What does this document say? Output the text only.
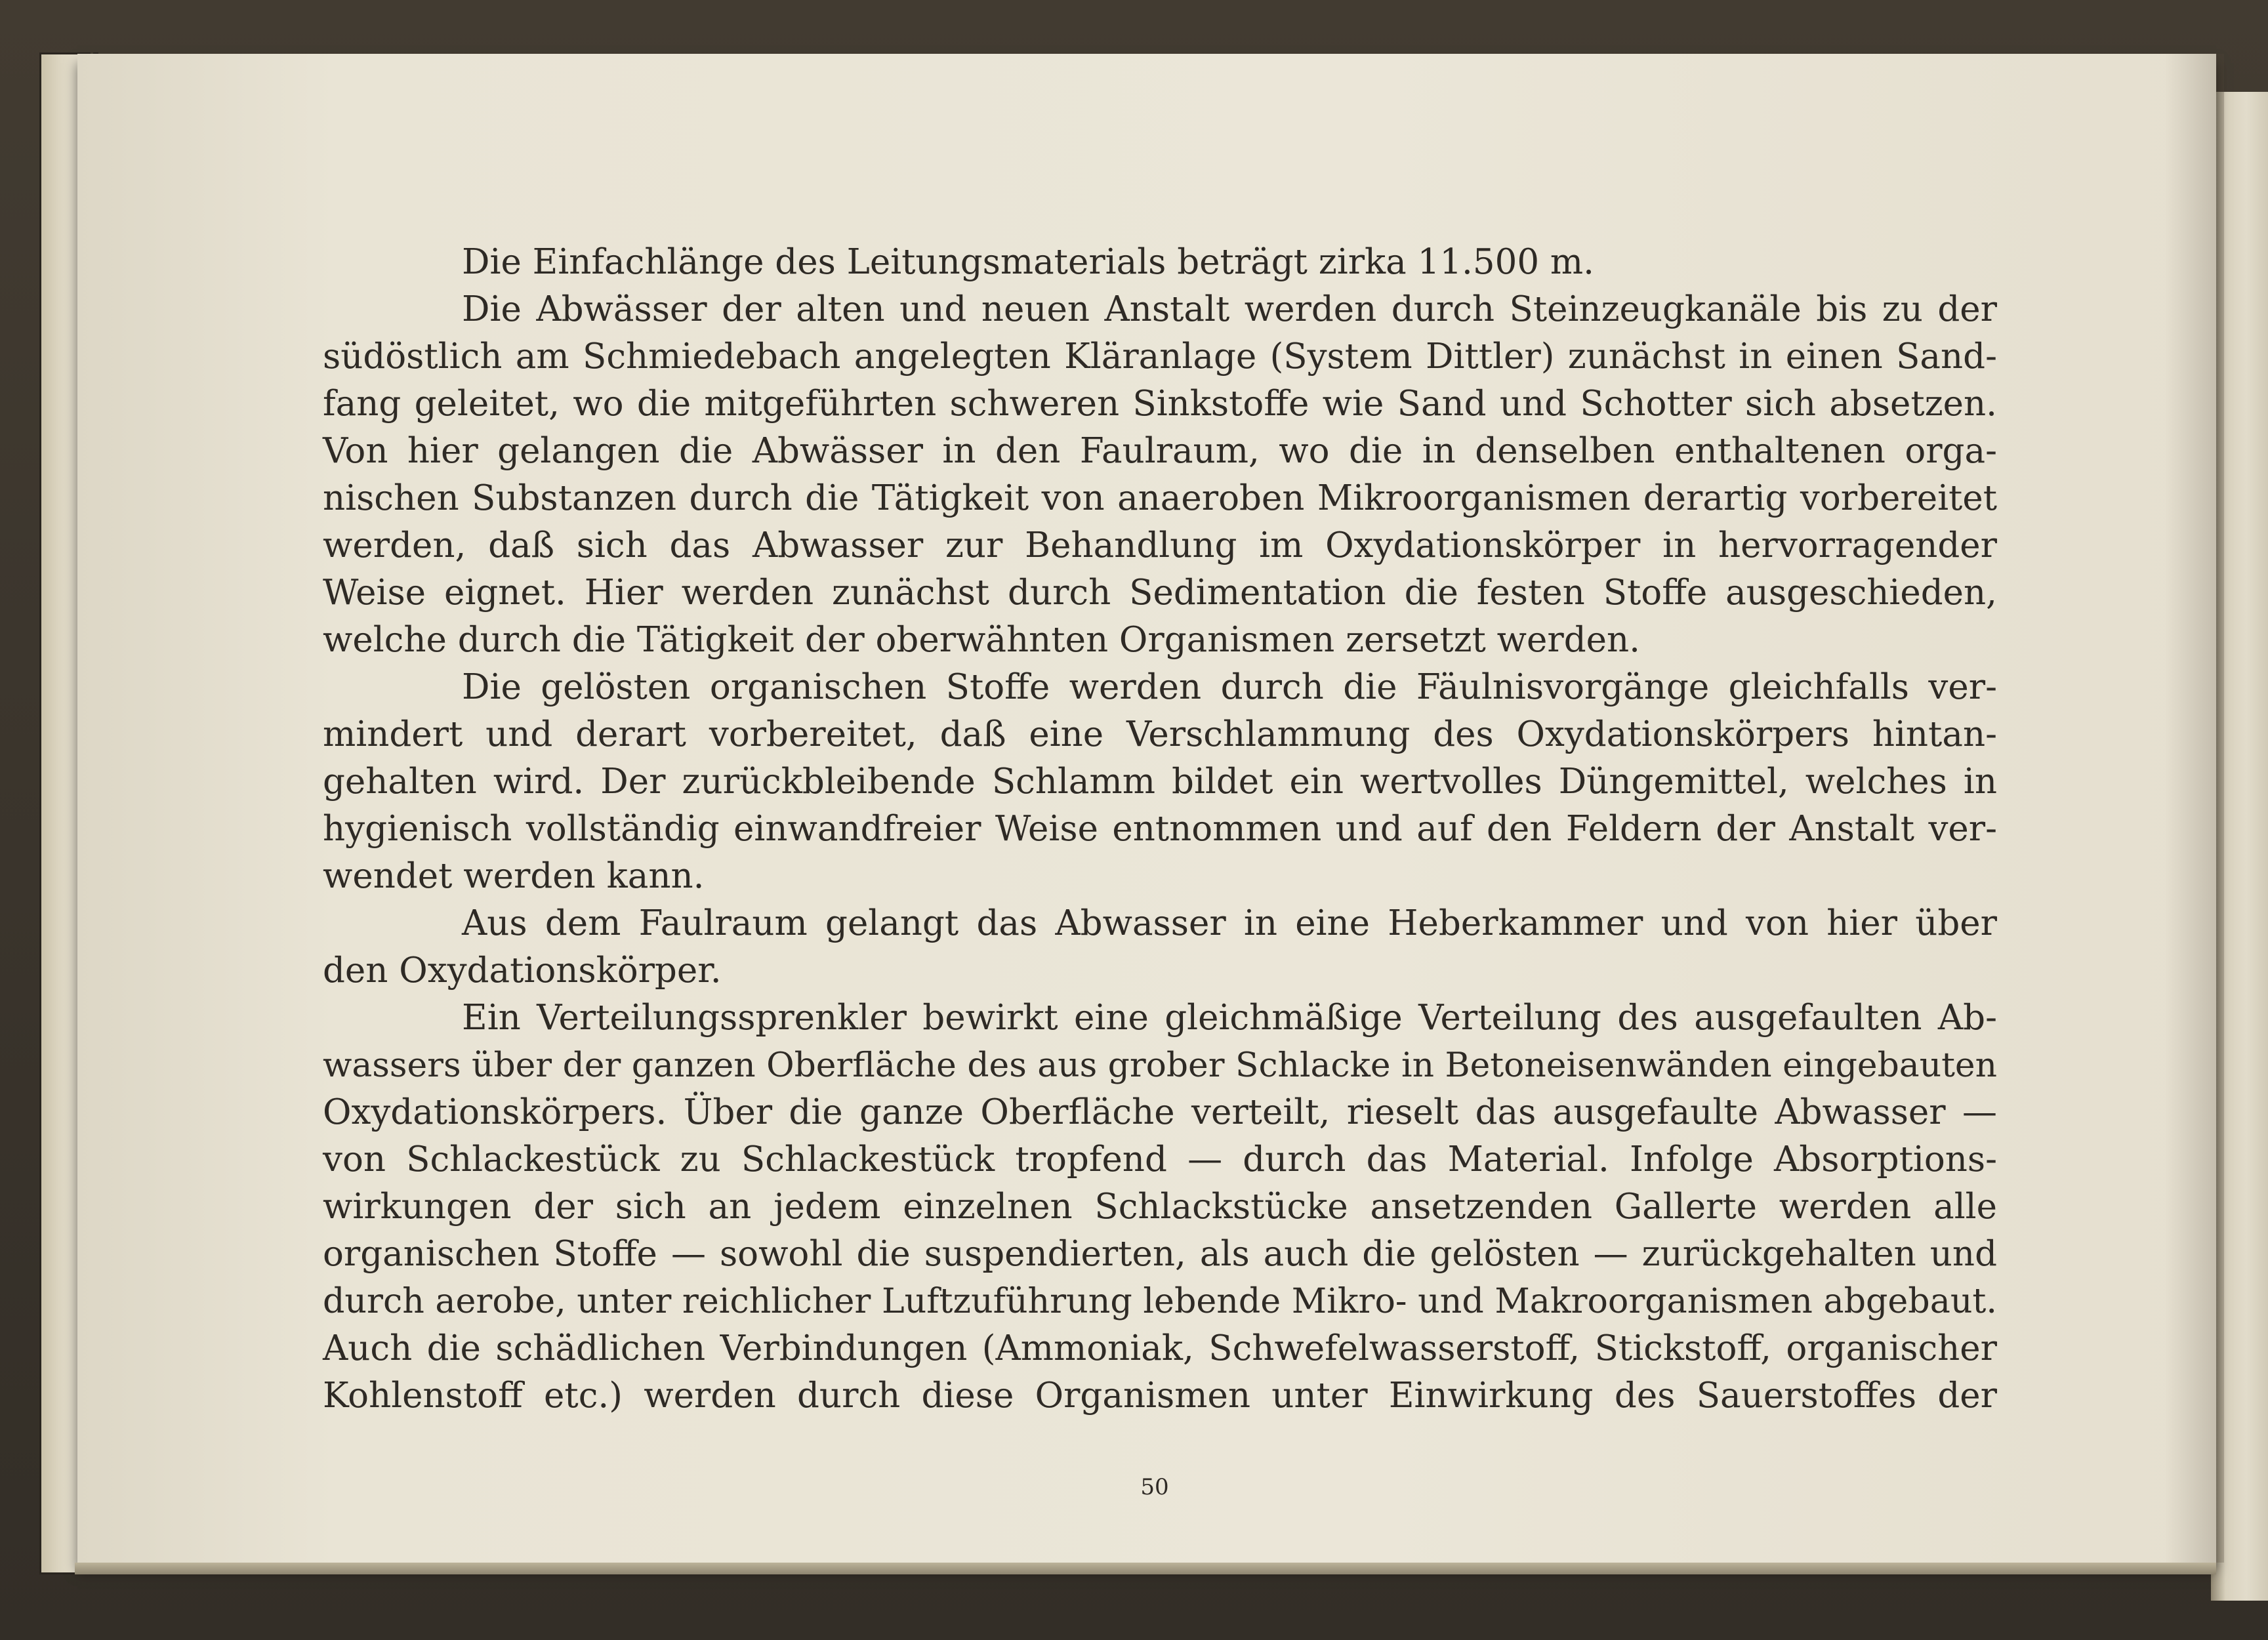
Die Einfachlänge des Leitungsmaterials beträgt zirka 11.500 m.
Die Abwässer der alten und neuen Anstalt werden durch Steinzeugkanäle bis zu der
südöstlich am Schmiedebach angelegten Kläranlage (System Dittler) zunächst in einen Sand-
fang geleitet, wo die mitgeführten schweren Sinkstoffe wie Sand und Schotter sich absetzen.
Von hier gelangen die Abwässer in den Faulraum, wo die in denselben enthaltenen orga-
nischen Substanzen durch die Tätigkeit von anaeroben Mikroorganismen derartig vorbereitet
werden, daß sich das Abwasser zur Behandlung im Oxydationskörper in hervorragender
Weise eignet. Hier werden zunächst durch Sedimentation die festen Stoffe ausgeschieden,
welche durch die Tätigkeit der oberwähnten Organismen zersetzt werden.
Die gelösten organischen Stoffe werden durch die Fäulnisvorgänge gleichfalls ver-
mindert und derart vorbereitet, daß eine Verschlammung des Oxydationskörpers hintan-
gehalten wird. Der zurückbleibende Schlamm bildet ein wertvolles Düngemittel, welches in
hygienisch vollständig einwandfreier Weise entnommen und auf den Feldern der Anstalt ver-
wendet werden kann.
Aus dem Faulraum gelangt das Abwasser in eine Heberkammer und von hier über
den Oxydationskörper.
Ein Verteilungssprenkler bewirkt eine gleichmäßige Verteilung des ausgefaulten Ab-
wassers über der ganzen Oberfläche des aus grober Schlacke in Betoneisenwänden eingebauten
Oxydationskörpers. Über die ganze Oberfläche verteilt, rieselt das ausgefaulte Abwasser —
von Schlackestück zu Schlackestück tropfend — durch das Material. Infolge Absorptions-
wirkungen der sich an jedem einzelnen Schlackstücke ansetzenden Gallerte werden alle
organischen Stoffe — sowohl die suspendierten, als auch die gelösten — zurückgehalten und
durch aerobe, unter reichlicher Luftzuführung lebende Mikro- und Makroorganismen abgebaut.
Auch die schädlichen Verbindungen (Ammoniak, Schwefelwasserstoff, Stickstoff, organischer
Kohlenstoff etc.) werden durch diese Organismen unter Einwirkung des Sauerstoffes der
50
